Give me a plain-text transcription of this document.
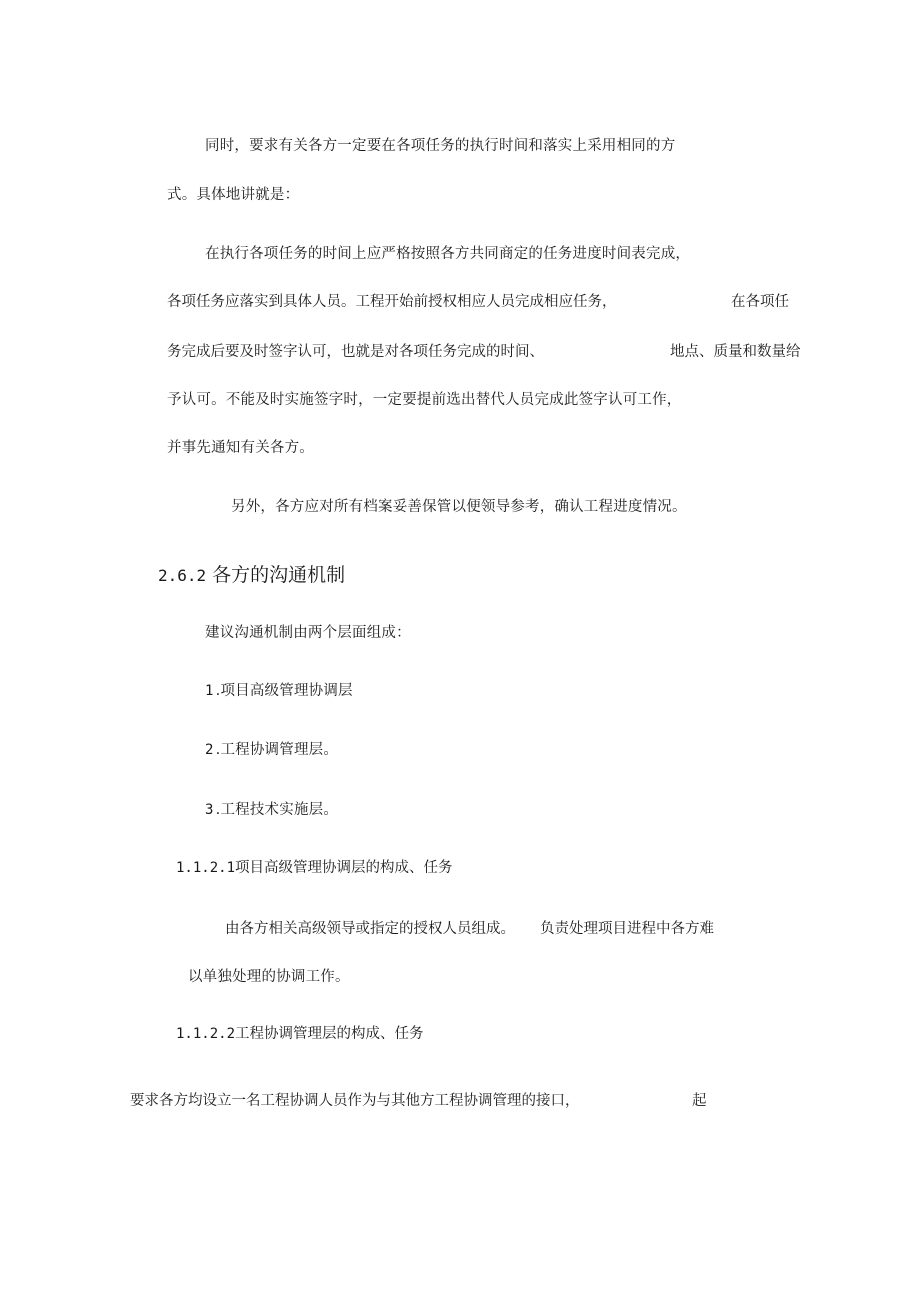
同时，要求有关各方一定要在各项任务的执行时间和落实上采用相同的方
式。具体地讲就是：
在执行各项任务的时间上应严格按照各方共同商定的任务进度时间表完成，
各项任务应落实到具体人员。工程开始前授权相应人员完成相应任务，	在各项任
务完成后要及时签字认可，也就是对各项任务完成的时间、	地点、质量和数量给
予认可。不能及时实施签字时，一定要提前选出替代人员完成此签字认可工作，
并事先通知有关各方。
另外，各方应对所有档案妥善保管以便领导参考，确认工程进度情况。
2.6.2 各方的沟通机制
建议沟通机制由两个层面组成：
1 .项目高级管理协调层
2 .工程协调管理层。
3 .工程技术实施层。
1.1.2.1项目高级管理协调层的构成、任务
由各方相关高级领导或指定的授权人员组成。 负责处理项目进程中各方难
以单独处理的协调工作。
1.1.2.2工程协调管理层的构成、任务
要求各方均设立一名工程协调人员作为与其他方工程协调管理的接口，	起
